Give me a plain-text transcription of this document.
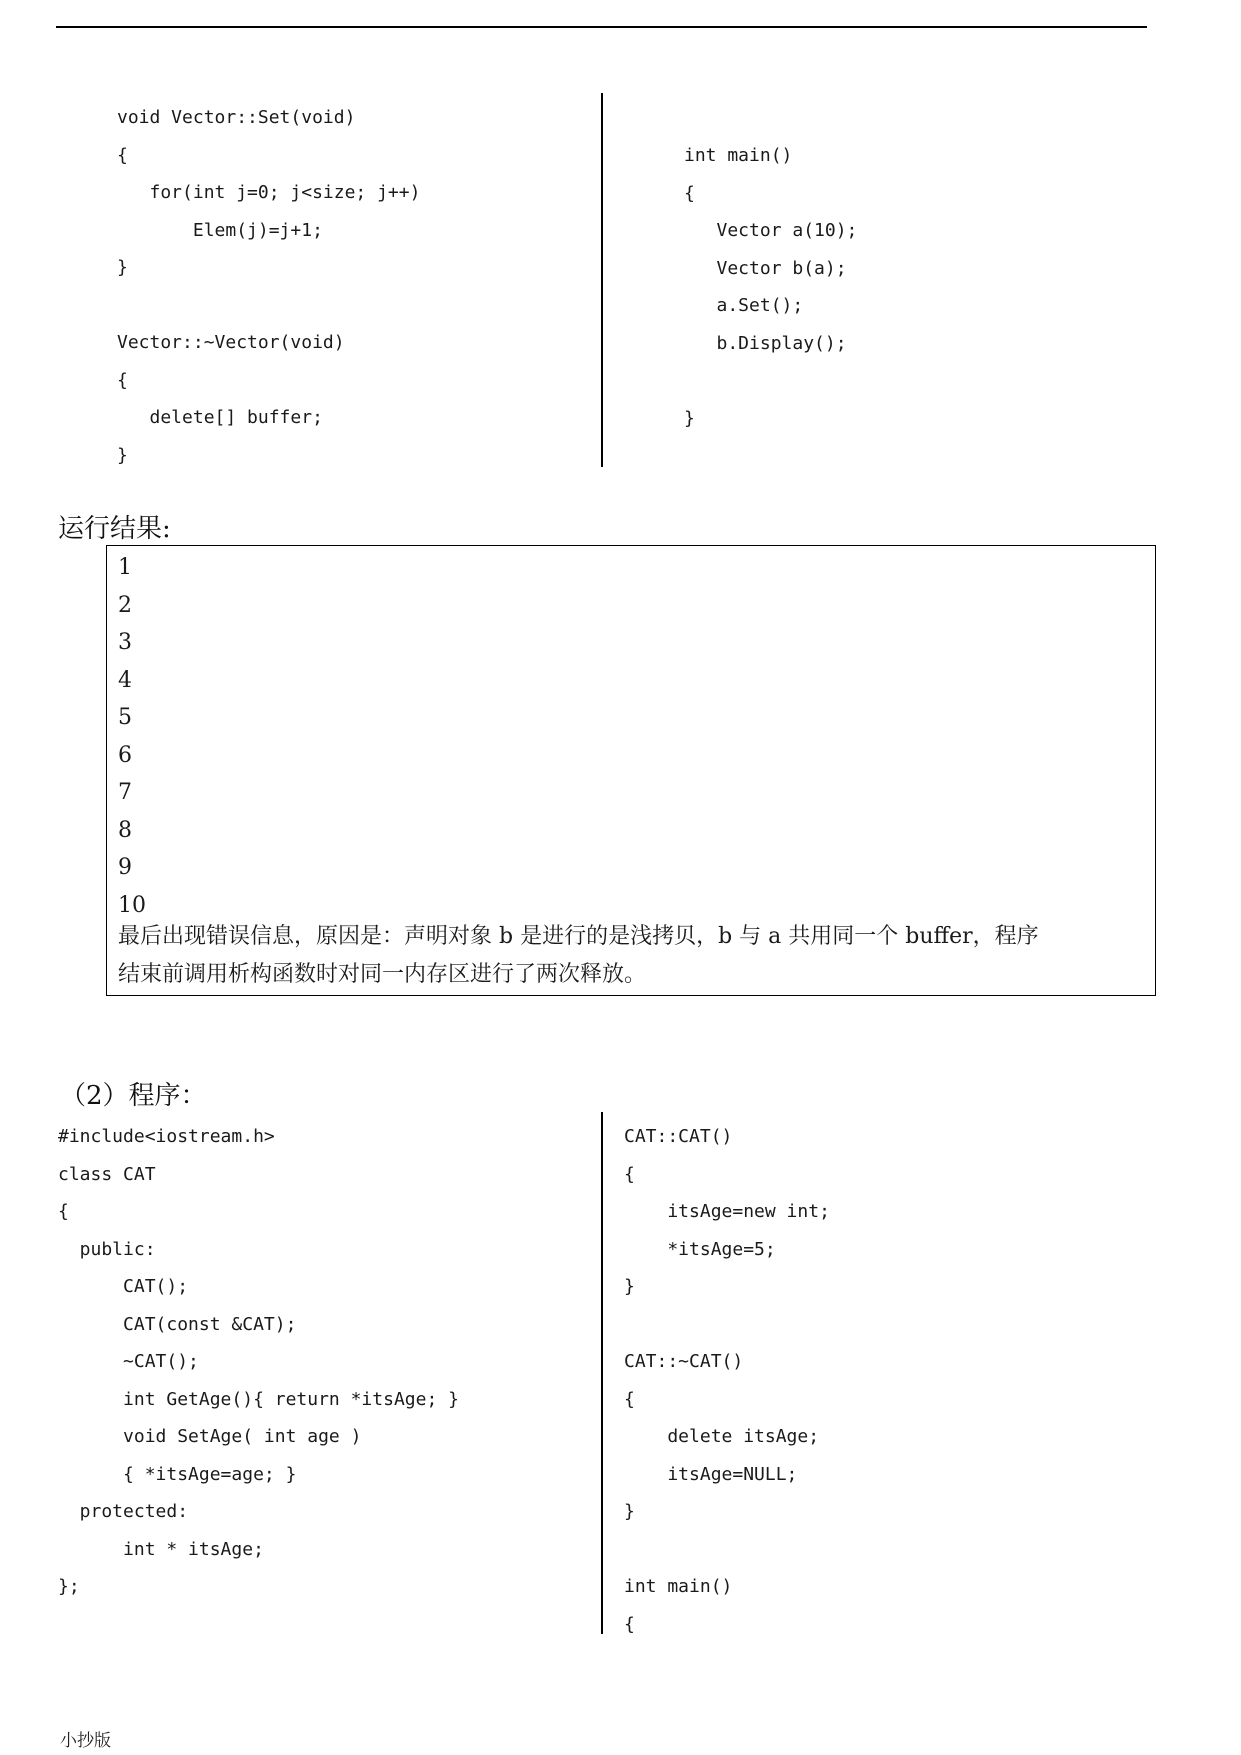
void Vector::Set(void)
{
for(int j=0; j<size; j++)
Elem(j)=j+1;
}
Vector::~Vector(void)
{
delete[] buffer;
}
int main()
{
Vector a(10);
Vector b(a);
a.Set();
b.Display();
}
运行结果:
1
2
3
4
5
6
7
8
9
10
最后出现错误信息，原因是：声明对象 b 是进行的是浅拷贝，b 与 a 共用同一个 buffer，程序
结束前调用析构函数时对同一内存区进行了两次释放。
（2）程序：
#include<iostream.h>
class CAT
{
public:
CAT();
CAT(const &CAT);
~CAT();
int GetAge(){ return *itsAge; }
void SetAge( int age )
{ *itsAge=age; }
protected:
int * itsAge;
};
CAT::CAT()
{
itsAge=new int;
*itsAge=5;
}
CAT::~CAT()
{
delete itsAge;
itsAge=NULL;
}
int main()
{
小抄版
